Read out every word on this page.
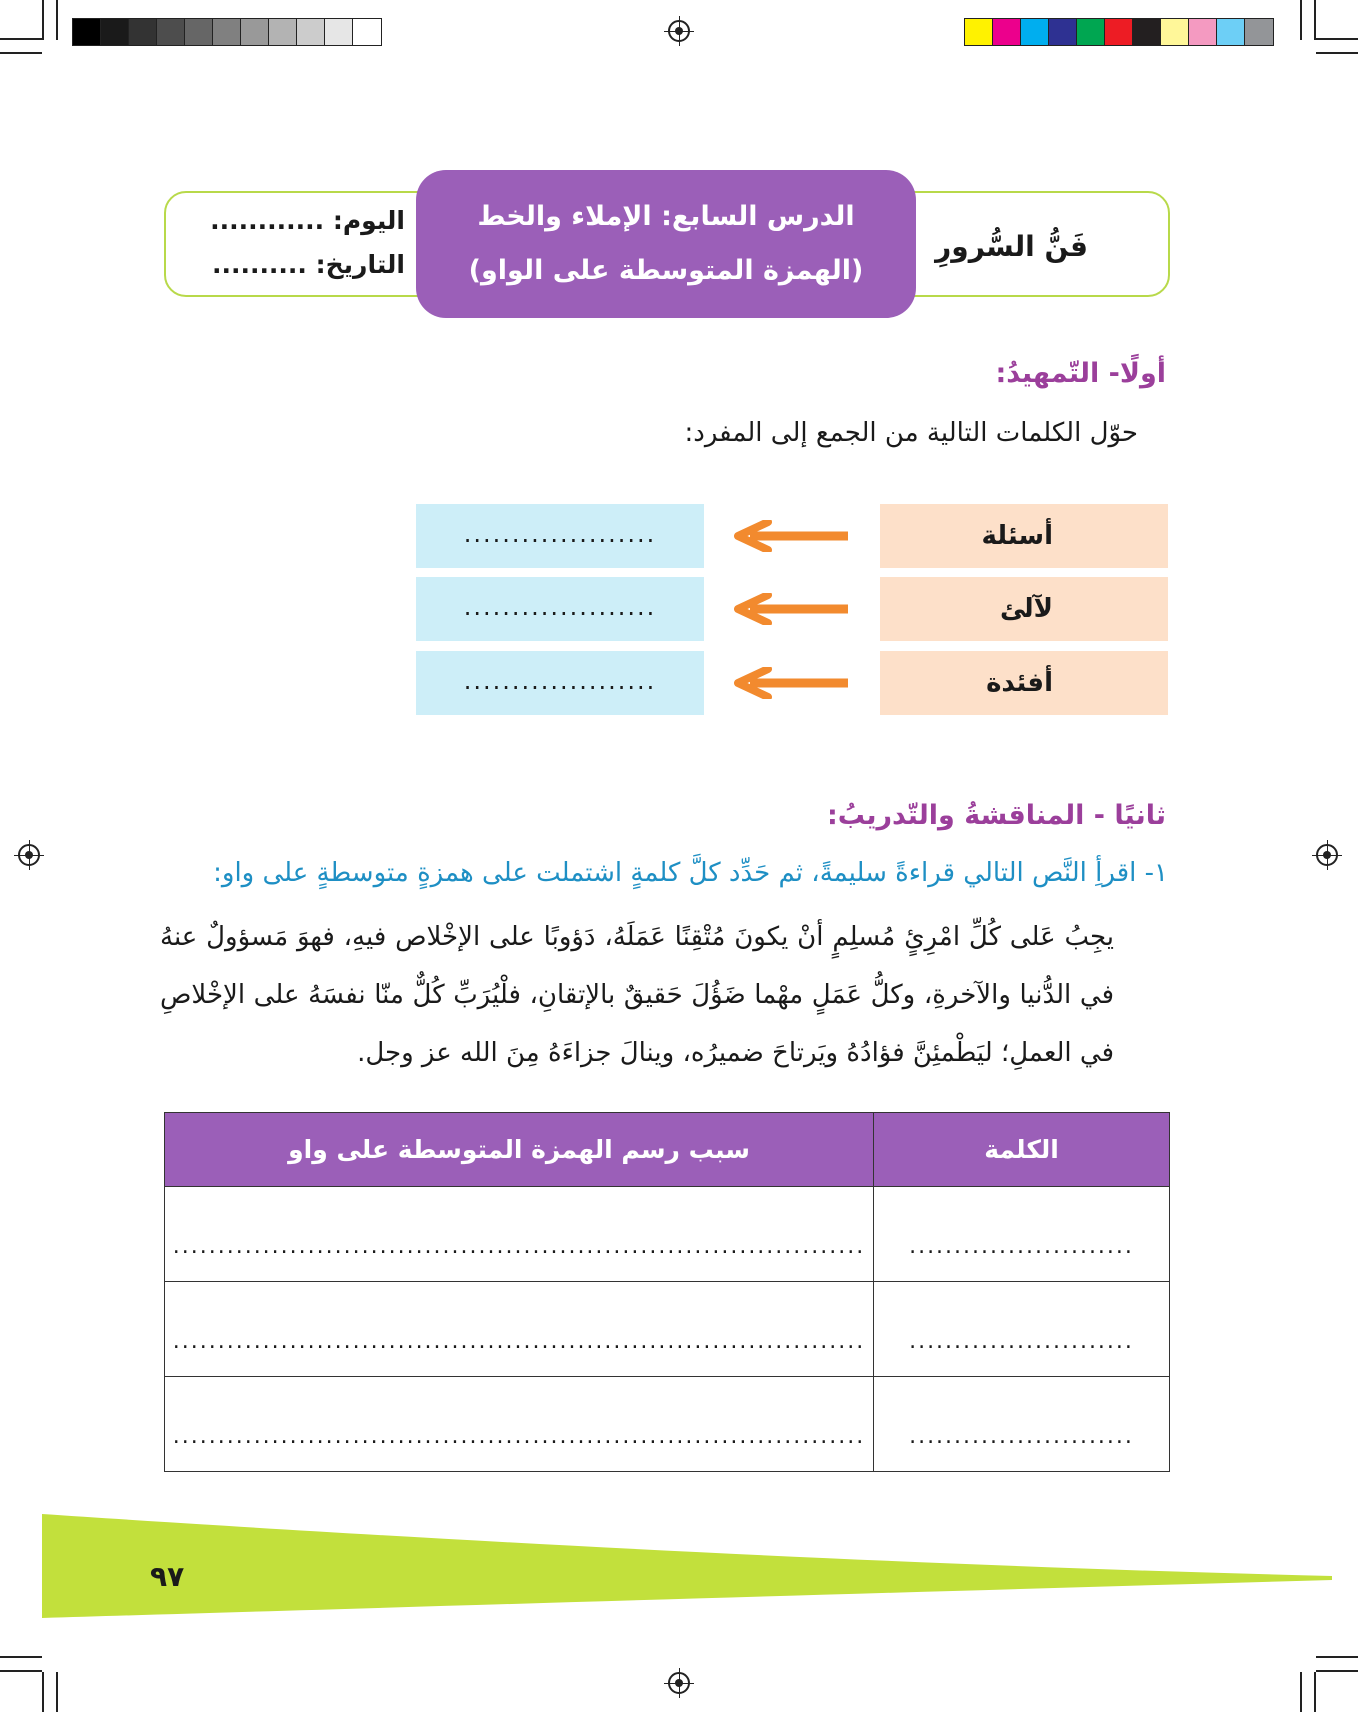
الدرس السابع: الإملاء والخط
(الهمزة المتوسطة على الواو)
فَنُّ السُّرورِ
اليوم: ............
التاريخ: ..........
أولًا- التّمهيدُ:
حوّل الكلمات التالية من الجمع إلى المفرد:
أسئلة
لآلئ
أفئدة
....................
....................
....................
ثانيًا - المناقشةُ والتّدريبُ:
١- اقرأِ النَّص التالي قراءةً سليمةً، ثم حَدِّد كلَّ كلمةٍ اشتملت على همزةٍ متوسطةٍ على واو:
يجِبُ عَلى كُلِّ امْرِئٍ مُسلِمٍ أنْ يكونَ مُتْقِنًا عَمَلَهُ، دَؤوبًا على الإخْلاص فيهِ، فهوَ مَسؤولٌ عنهُ في الدُّنيا والآخرةِ، وكلُّ عَمَلٍ مهْما ضَؤُلَ حَقيقٌ بالإتقانِ، فلْيُرَبِّ كُلٌّ منّا نفسَهُ على الإخْلاصِ في العملِ؛ ليَطْمئِنَّ فؤادُهُ ويَرتاحَ ضميرُه، وينالَ جزاءَهُ مِنَ الله عز وجل.
الكلمة	سبب رسم الهمزة المتوسطة على واو
.........................	.............................................................................
.........................	.............................................................................
.........................	.............................................................................
٩٧
